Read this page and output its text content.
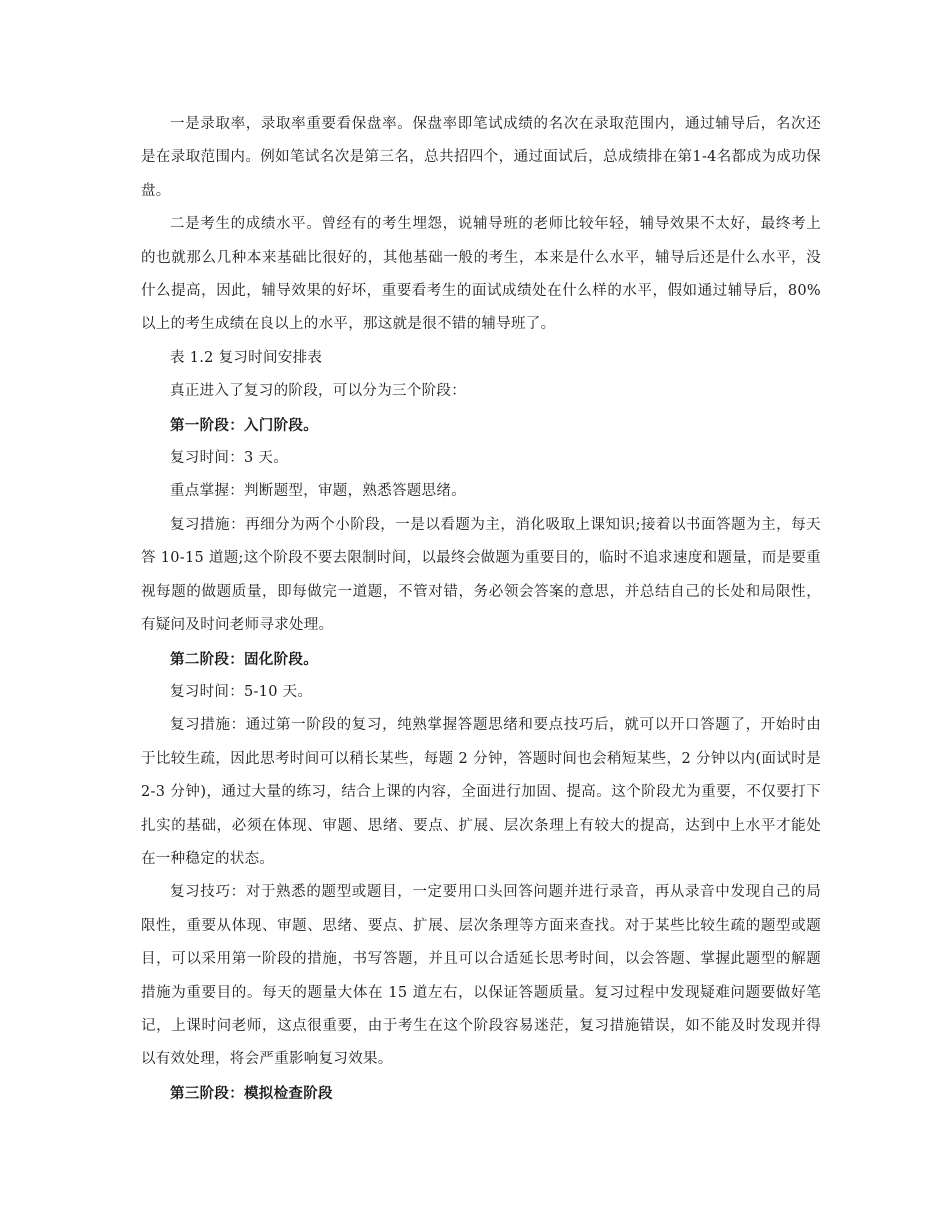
一是录取率，录取率重要看保盘率。保盘率即笔试成绩的名次在录取范围内，通过辅导后，名次还是在录取范围内。例如笔试名次是第三名，总共招四个，通过面试后，总成绩排在第1-4名都成为成功保盘。

二是考生的成绩水平。曾经有的考生埋怨，说辅导班的老师比较年轻，辅导效果不太好，最终考上的也就那么几种本来基础比很好的，其他基础一般的考生，本来是什么水平，辅导后还是什么水平，没什么提高，因此，辅导效果的好坏，重要看考生的面试成绩处在什么样的水平，假如通过辅导后，80%以上的考生成绩在良以上的水平，那这就是很不错的辅导班了。

表 1.2 复习时间安排表

真正进入了复习的阶段，可以分为三个阶段：

第一阶段：入门阶段。

复习时间：3 天。

重点掌握：判断题型，审题，熟悉答题思绪。

复习措施：再细分为两个小阶段，一是以看题为主，消化吸取上课知识;接着以书面答题为主，每天答 10-15 道题;这个阶段不要去限制时间，以最终会做题为重要目的，临时不追求速度和题量，而是要重视每题的做题质量，即每做完一道题，不管对错，务必领会答案的意思，并总结自己的长处和局限性，有疑问及时问老师寻求处理。

第二阶段：固化阶段。

复习时间：5-10 天。

复习措施：通过第一阶段的复习，纯熟掌握答题思绪和要点技巧后，就可以开口答题了，开始时由于比较生疏，因此思考时间可以稍长某些，每题 2 分钟，答题时间也会稍短某些，2 分钟以内(面试时是 2-3 分钟)，通过大量的练习，结合上课的内容，全面进行加固、提高。这个阶段尤为重要，不仅要打下扎实的基础，必须在体现、审题、思绪、要点、扩展、层次条理上有较大的提高，达到中上水平才能处在一种稳定的状态。

复习技巧：对于熟悉的题型或题目，一定要用口头回答问题并进行录音，再从录音中发现自己的局限性，重要从体现、审题、思绪、要点、扩展、层次条理等方面来查找。对于某些比较生疏的题型或题目，可以采用第一阶段的措施，书写答题，并且可以合适延长思考时间，以会答题、掌握此题型的解题措施为重要目的。每天的题量大体在 15 道左右，以保证答题质量。复习过程中发现疑难问题要做好笔记，上课时问老师，这点很重要，由于考生在这个阶段容易迷茫，复习措施错误，如不能及时发现并得以有效处理，将会严重影响复习效果。

第三阶段：模拟检查阶段
